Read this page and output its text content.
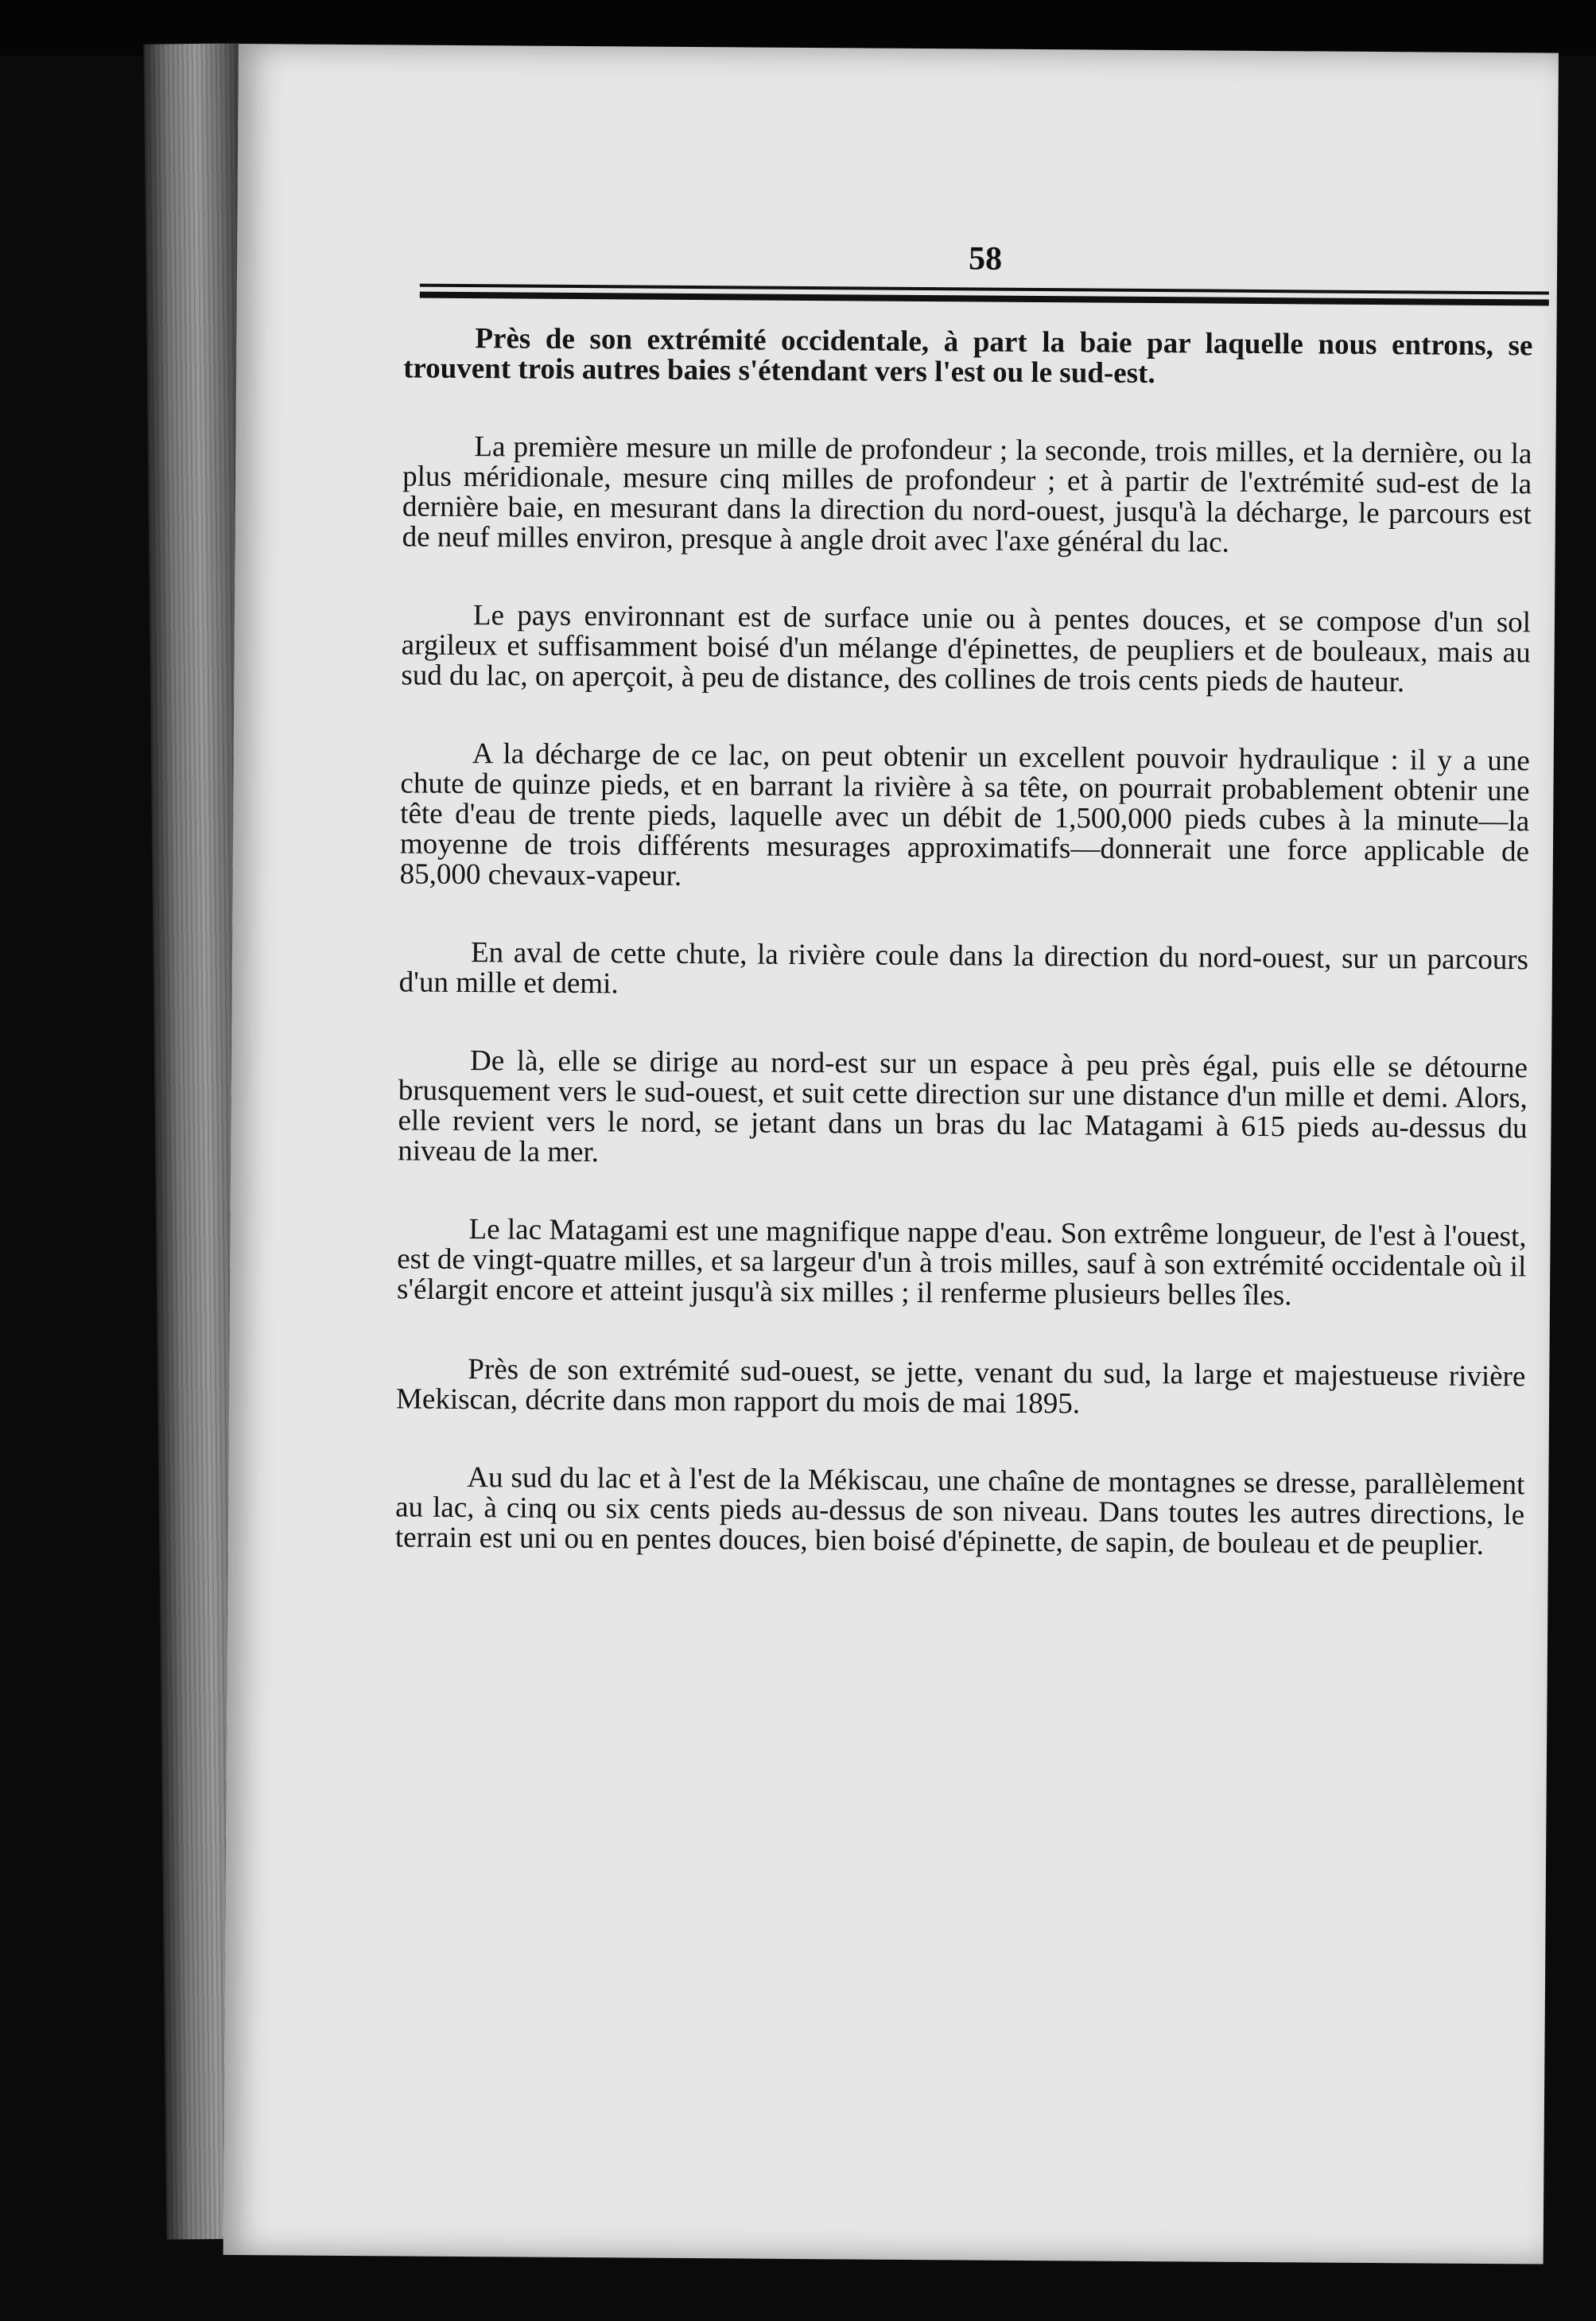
58

Près de son extrémité occidentale, à part la baie par laquelle nous entrons, se trouvent trois autres baies s'étendant vers l'est ou le sud-est.

La première mesure un mille de profondeur ; la seconde, trois milles, et la dernière, ou la plus méridionale, mesure cinq milles de profondeur ; et à partir de l'extrémité sud-est de la dernière baie, en mesurant dans la direction du nord-ouest, jusqu'à la décharge, le parcours est de neuf milles environ, presque à angle droit avec l'axe général du lac.

Le pays environnant est de surface unie ou à pentes douces, et se compose d'un sol argileux et suffisamment boisé d'un mélange d'épinettes, de peupliers et de bouleaux, mais au sud du lac, on aperçoit, à peu de distance, des collines de trois cents pieds de hauteur.

A la décharge de ce lac, on peut obtenir un excellent pouvoir hydraulique : il y a une chute de quinze pieds, et en barrant la rivière à sa tête, on pourrait probablement obtenir une tête d'eau de trente pieds, laquelle avec un débit de 1,500,000 pieds cubes à la minute—la moyenne de trois différents mesurages approximatifs—donnerait une force applicable de 85,000 chevaux-vapeur.

En aval de cette chute, la rivière coule dans la direction du nord-ouest, sur un parcours d'un mille et demi.

De là, elle se dirige au nord-est sur un espace à peu près égal, puis elle se détourne brusquement vers le sud-ouest, et suit cette direction sur une distance d'un mille et demi. Alors, elle revient vers le nord, se jetant dans un bras du lac Matagami à 615 pieds au-dessus du niveau de la mer.

Le lac Matagami est une magnifique nappe d'eau. Son extrême longueur, de l'est à l'ouest, est de vingt-quatre milles, et sa largeur d'un à trois milles, sauf à son extrémité occidentale où il s'élargit encore et atteint jusqu'à six milles ; il renferme plusieurs belles îles.

Près de son extrémité sud-ouest, se jette, venant du sud, la large et majestueuse rivière Mekiscan, décrite dans mon rapport du mois de mai 1895.

Au sud du lac et à l'est de la Mékiscau, une chaîne de montagnes se dresse, parallèlement au lac, à cinq ou six cents pieds au-dessus de son niveau. Dans toutes les autres directions, le terrain est uni ou en pentes douces, bien boisé d'épinette, de sapin, de bouleau et de peuplier.
